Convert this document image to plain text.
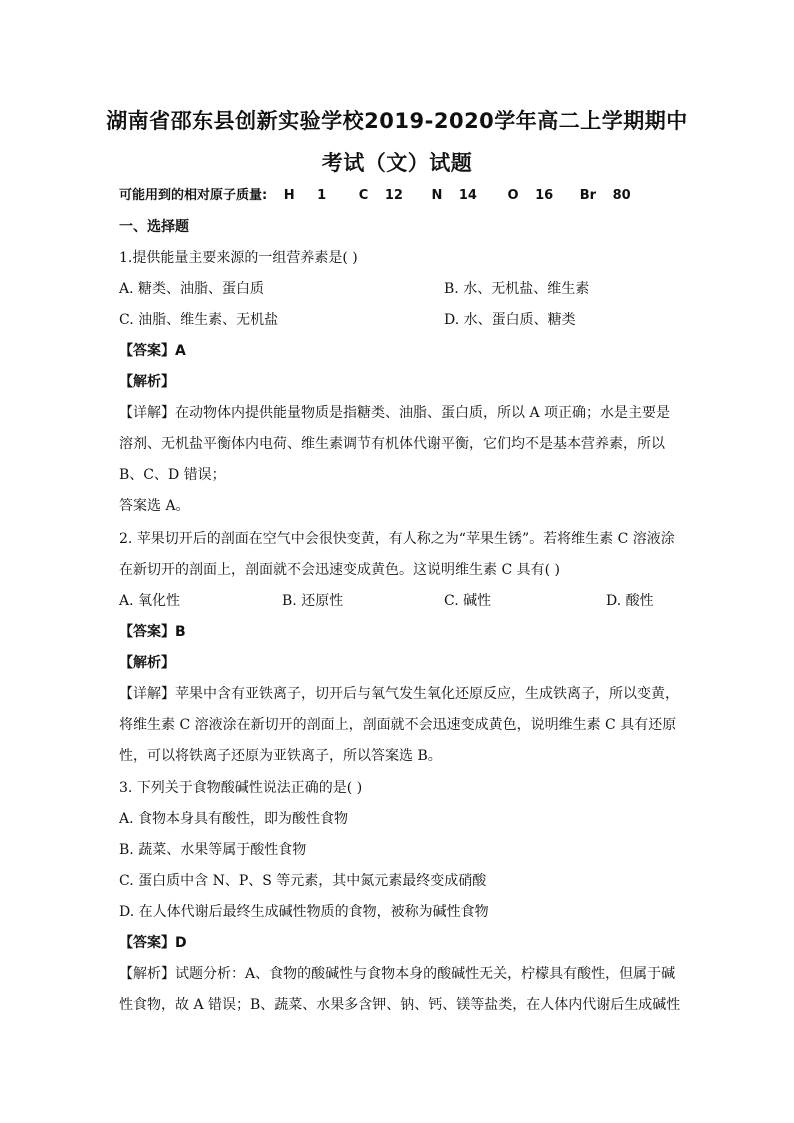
湖南省邵东县创新实验学校2019-2020学年高二上学期期中
考试（文）试题
可能用到的相对原子质量: H 1	C 12 N 14 O 16 Br 80
一、选择题
1.提供能量主要来源的一组营养素是( )
A. 糖类、油脂、蛋白质	B. 水、无机盐、维生素
C. 油脂、维生素、无机盐	D. 水、蛋白质、糖类
【答案】A
【解析】
【详解】在动物体内提供能量物质是指糖类、油脂、蛋白质，所以 A 项正确；水是主要是
溶剂、无机盐平衡体内电荷、维生素调节有机体代谢平衡，它们均不是基本营养素，所以
B、C、D 错误；
答案选 A。
2. 苹果切开后的剖面在空气中会很快变黄，有人称之为“苹果生锈”。若将维生素 C 溶液涂
在新切开的剖面上，剖面就不会迅速变成黄色。这说明维生素 C 具有( )
A. 氧化性	B. 还原性	C. 碱性	D. 酸性
【答案】B
【解析】
【详解】苹果中含有亚铁离子，切开后与氧气发生氧化还原反应，生成铁离子，所以变黄，
将维生素 C 溶液涂在新切开的剖面上，剖面就不会迅速变成黄色，说明维生素 C 具有还原
性，可以将铁离子还原为亚铁离子，所以答案选 B。
3. 下列关于食物酸碱性说法正确的是( )
A. 食物本身具有酸性，即为酸性食物
B. 蔬菜、水果等属于酸性食物
C. 蛋白质中含 N、P、S 等元素，其中氮元素最终变成硝酸
D. 在人体代谢后最终生成碱性物质的食物，被称为碱性食物
【答案】D
【解析】试题分析：A、食物的酸碱性与食物本身的酸碱性无关，柠檬具有酸性，但属于碱
性食物，故 A 错误；B、蔬菜、水果多含钾、钠、钙、镁等盐类，在人体内代谢后生成碱性
